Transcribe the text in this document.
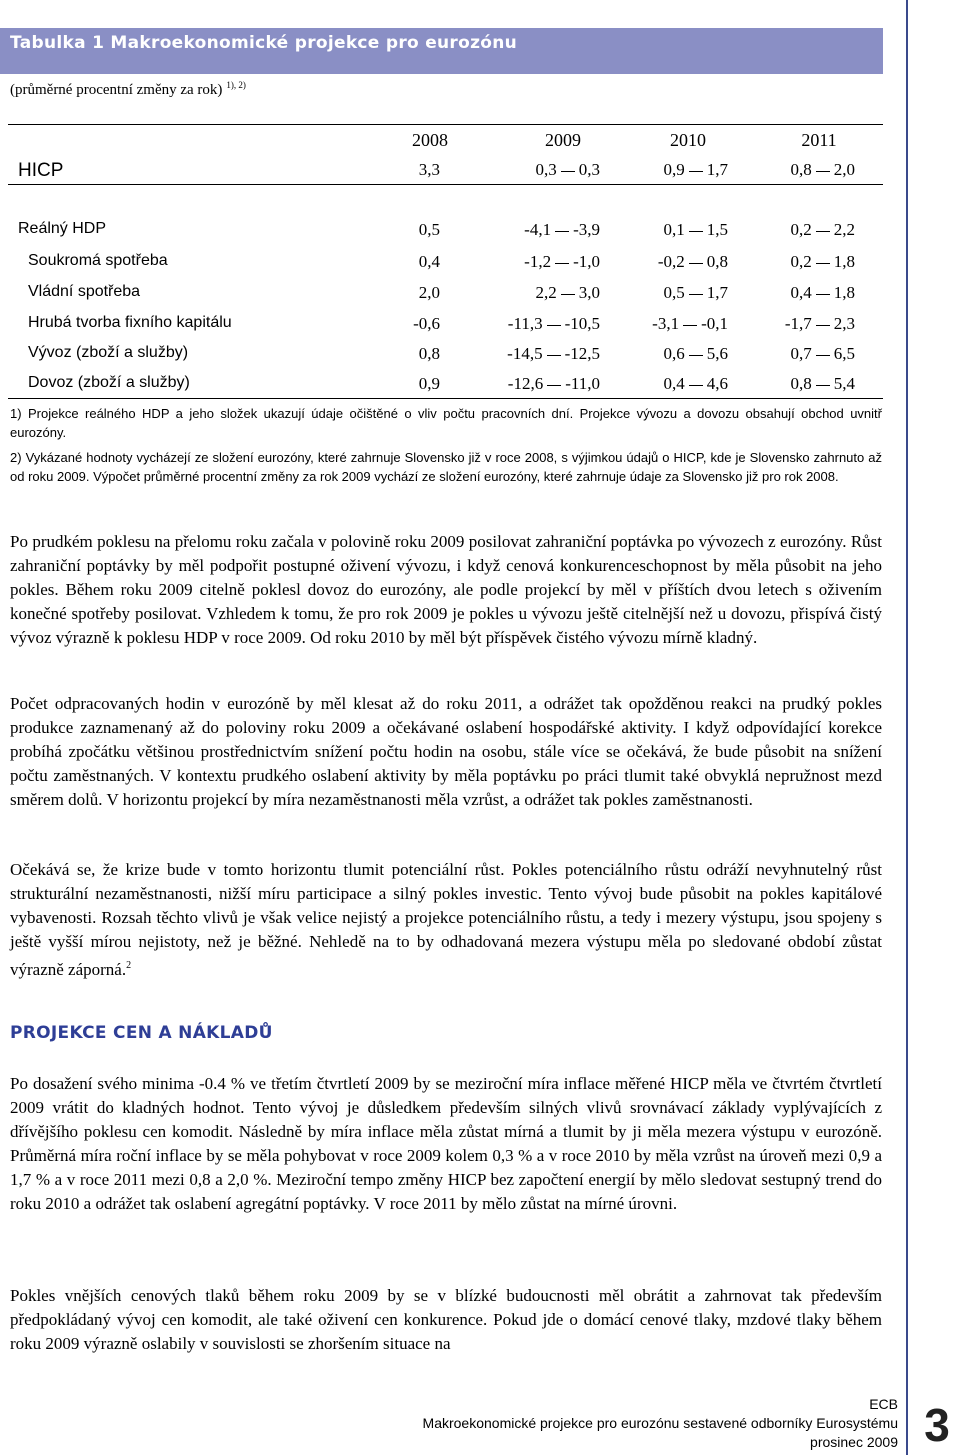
Tabulka 1 Makroekonomické projekce pro eurozónu
(průměrné procentní změny za rok) $^{1), 2)}$
2008	2009	2010	2011
HICP	3,3	0,3 0,3	0,9 1,7	0,8 2,0
Reálný HDP	0,5	-4,1 -3,9	0,1 1,5	0,2 2,2
Soukromá spotřeba	0,4	-1,2 -1,0	-0,2 0,8	0,2 1,8
Vládní spotřeba	2,0	2,2 3,0	0,5 1,7	0,4 1,8
Hrubá tvorba fixního kapitálu	-0,6	-11,3 -10,5	-3,1 -0,1	-1,7 2,3
Vývoz (zboží a služby)	0,8	-14,5 -12,5	0,6 5,6	0,7 6,5
Dovoz (zboží a služby)	0,9	-12,6 -11,0	0,4 4,6	0,8 5,4
1) Projekce reálného HDP a jeho složek ukazují údaje očištěné o vliv počtu pracovních dní. Projekce vývozu a dovozu obsahují obchod uvnitř eurozóny.
2) Vykázané hodnoty vycházejí ze složení eurozóny, které zahrnuje Slovensko již v roce 2008, s výjimkou údajů o HICP, kde je Slovensko zahrnuto až od roku 2009. Výpočet průměrné procentní změny za rok 2009 vychází ze složení eurozóny, které zahrnuje údaje za Slovensko již pro rok 2008.
Po prudkém poklesu na přelomu roku začala v polovině roku 2009 posilovat zahraniční poptávka po vývozech z eurozóny. Růst zahraniční poptávky by měl podpořit postupné oživení vývozu, i když cenová konkurenceschopnost by měla působit na jeho pokles. Během roku 2009 citelně poklesl dovoz do eurozóny, ale podle projekcí by měl v příštích dvou letech s oživením konečné spotřeby posilovat. Vzhledem k tomu, že pro rok 2009 je pokles u vývozu ještě citelnější než u dovozu, přispívá čistý vývoz výrazně k poklesu HDP v roce 2009. Od roku 2010 by měl být příspěvek čistého vývozu mírně kladný.
Počet odpracovaných hodin v eurozóně by měl klesat až do roku 2011, a odrážet tak opožděnou reakci na prudký pokles produkce zaznamenaný až do poloviny roku 2009 a očekávané oslabení hospodářské aktivity. I když odpovídající korekce probíhá zpočátku většinou prostřednictvím snížení počtu hodin na osobu, stále více se očekává, že bude působit na snížení počtu zaměstnaných. V kontextu prudkého oslabení aktivity by měla poptávku po práci tlumit také obvyklá nepružnost mezd směrem dolů. V horizontu projekcí by míra nezaměstnanosti měla vzrůst, a odrážet tak pokles zaměstnanosti.
Očekává se, že krize bude v tomto horizontu tlumit potenciální růst. Pokles potenciálního růstu odráží nevyhnutelný růst strukturální nezaměstnanosti, nižší míru participace a silný pokles investic. Tento vývoj bude působit na pokles kapitálové vybavenosti. Rozsah těchto vlivů je však velice nejistý a projekce potenciálního růstu, a tedy i mezery výstupu, jsou spojeny s ještě vyšší mírou nejistoty, než je běžné. Nehledě na to by odhadovaná mezera výstupu měla po sledované období zůstat výrazně záporná.$^2$
PROJEKCE CEN A NÁKLADŮ
Po dosažení svého minima -0.4 % ve třetím čtvrtletí 2009 by se meziroční míra inflace měřené HICP měla ve čtvrtém čtvrtletí 2009 vrátit do kladných hodnot. Tento vývoj je důsledkem především silných vlivů srovnávací základy vyplývajících z dřívějšího poklesu cen komodit. Následně by míra inflace měla zůstat mírná a tlumit by ji měla mezera výstupu v eurozóně. Průměrná míra roční inflace by se měla pohybovat v roce 2009 kolem 0,3 % a v roce 2010 by měla vzrůst na úroveň mezi 0,9 a 1,7 % a v roce 2011 mezi 0,8 a 2,0 %. Meziroční tempo změny HICP bez započtení energií by mělo sledovat sestupný trend do roku 2010 a odrážet tak oslabení agregátní poptávky. V roce 2011 by mělo zůstat na mírné úrovni.
Pokles vnějších cenových tlaků během roku 2009 by se v blízké budoucnosti měl obrátit a zahrnovat tak především předpokládaný vývoj cen komodit, ale také oživení cen konkurence. Pokud jde o domácí cenové tlaky, mzdové tlaky během roku 2009 výrazně oslabily v souvislosti se zhoršením situace na
ECB
Makroekonomické projekce pro eurozónu sestavené odborníky Eurosystému
prosinec 2009 3
